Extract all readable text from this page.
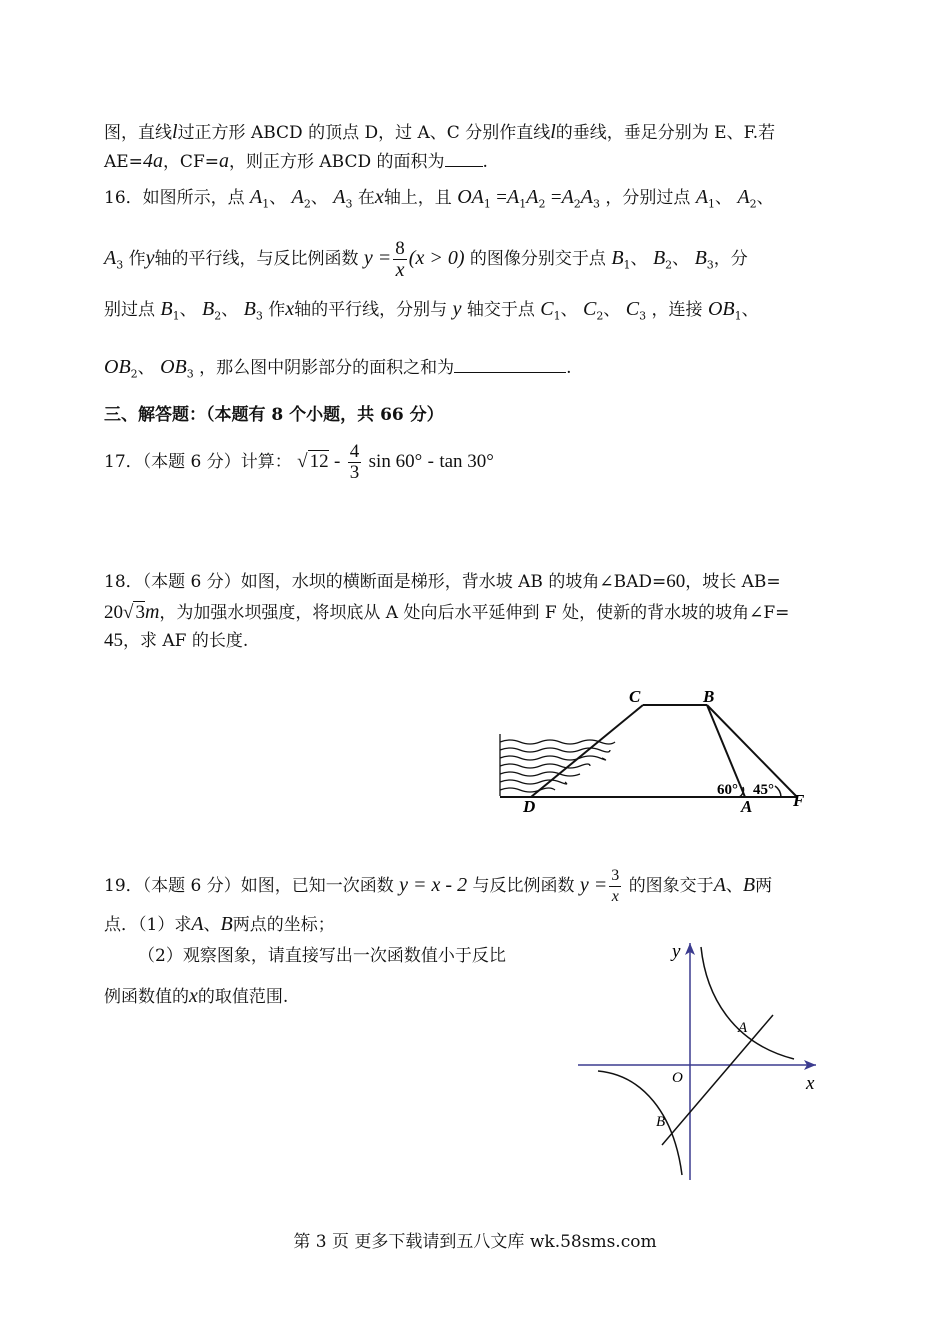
图，直线l过正方形 ABCD 的顶点 D，过 A、C 分别作直线l的垂线，垂足分别为 E、F.若
AE=4a，CF=a，则正方形 ABCD 的面积为 .
16．如图所示，点 $A_1$、 $A_2$、 $A_3$ 在x轴上，且 $OA_1 =A_1A_2 =A_2A_3$ ，分别过点 $A_1$、 $A_2$、
$A_3$ 作y轴的平行线，与反比例函数 $y = \frac{8}{x} (x > 0)$ 的图像分别交于点 $B_1$、 $B_2$、 $B_3$，分
别过点 $B_1$、 $B_2$、 $B_3$ 作x轴的平行线，分别与 y 轴交于点 $C_1$、 $C_2$、 $C_3$ ，连接 $OB_1$、
$OB_2$、 $OB_3$ ，那么图中阴影部分的面积之和为	.
三、解答题：（本题有 8 个小题，共 66 分）
17．（本题 6 分）计算： √ $12 - \frac{4}{3}$ sin 60° - tan 30°
18．（本题 6 分）如图，水坝的横断面是梯形，背水坡 AB 的坡角∠BAD=60，坡长 AB=
20√ 3m，为加强水坝强度，将坝底从 A 处向后水平延伸到 F 处，使新的背水坡的坡角∠F=
45，求 AF 的长度.
C	B
D	A F
60° 45°
19．（本题 6 分）如图，已知一次函数 y = x - 2 与反比例函数 $y = \frac{3}{x}$ 的图象交于A、B两
点．（1）求A、B两点的坐标；
（2）观察图象，请直接写出一次函数值小于反比
例函数值的x的取值范围.
x
y
O
A
B
第 3 页 更多下载请到五八文库 wk.58sms.com
